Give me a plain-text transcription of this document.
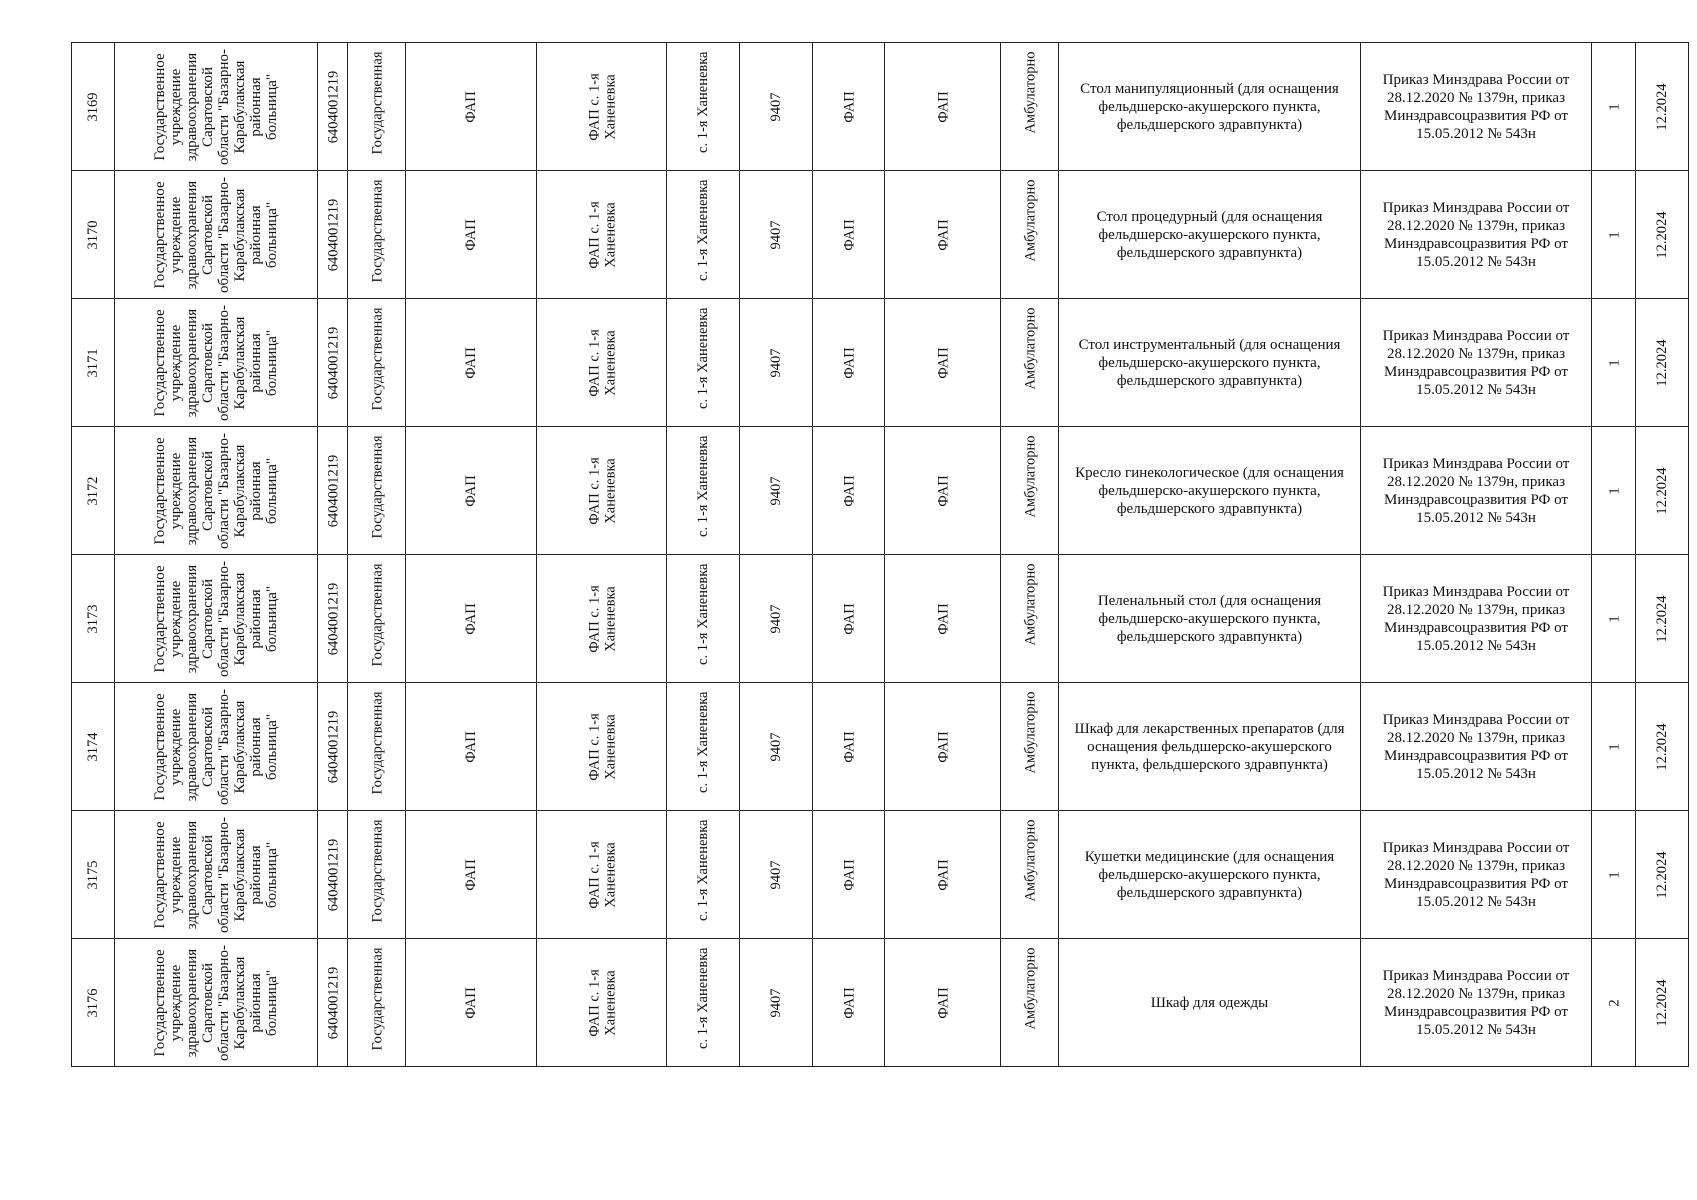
3169	Государственное учреждение здравоохранения Саратовской области "Базарно-Карабулакская районная больница"	6404001219	Государственная	ФАП	ФАП с. 1-я Ханеневка	с. 1-я Ханеневка	9407	ФАП	ФАП	Амбулаторно	Стол манипуляционный (для оснащения фельдшерско-акушерского пункта, фельдшерского здравпункта)	Приказ Минздрава России от 28.12.2020 № 1379н, приказ Минздравсоцразвития РФ от 15.05.2012 № 543н	1	12.2024

3170	Государственное учреждение здравоохранения Саратовской области "Базарно-Карабулакская районная больница"	6404001219	Государственная	ФАП	ФАП с. 1-я Ханеневка	с. 1-я Ханеневка	9407	ФАП	ФАП	Амбулаторно	Стол процедурный (для оснащения фельдшерско-акушерского пункта, фельдшерского здравпункта)	Приказ Минздрава России от 28.12.2020 № 1379н, приказ Минздравсоцразвития РФ от 15.05.2012 № 543н	1	12.2024

3171	Государственное учреждение здравоохранения Саратовской области "Базарно-Карабулакская районная больница"	6404001219	Государственная	ФАП	ФАП с. 1-я Ханеневка	с. 1-я Ханеневка	9407	ФАП	ФАП	Амбулаторно	Стол инструментальный (для оснащения фельдшерско-акушерского пункта, фельдшерского здравпункта)	Приказ Минздрава России от 28.12.2020 № 1379н, приказ Минздравсоцразвития РФ от 15.05.2012 № 543н	1	12.2024

3172	Государственное учреждение здравоохранения Саратовской области "Базарно-Карабулакская районная больница"	6404001219	Государственная	ФАП	ФАП с. 1-я Ханеневка	с. 1-я Ханеневка	9407	ФАП	ФАП	Амбулаторно	Кресло гинекологическое (для оснащения фельдшерско-акушерского пункта, фельдшерского здравпункта)	Приказ Минздрава России от 28.12.2020 № 1379н, приказ Минздравсоцразвития РФ от 15.05.2012 № 543н	1	12.2024

3173	Государственное учреждение здравоохранения Саратовской области "Базарно-Карабулакская районная больница"	6404001219	Государственная	ФАП	ФАП с. 1-я Ханеневка	с. 1-я Ханеневка	9407	ФАП	ФАП	Амбулаторно	Пеленальный стол (для оснащения фельдшерско-акушерского пункта, фельдшерского здравпункта)	Приказ Минздрава России от 28.12.2020 № 1379н, приказ Минздравсоцразвития РФ от 15.05.2012 № 543н	1	12.2024

3174	Государственное учреждение здравоохранения Саратовской области "Базарно-Карабулакская районная больница"	6404001219	Государственная	ФАП	ФАП с. 1-я Ханеневка	с. 1-я Ханеневка	9407	ФАП	ФАП	Амбулаторно	Шкаф для лекарственных препаратов (для оснащения фельдшерско-акушерского пункта, фельдшерского здравпункта)	Приказ Минздрава России от 28.12.2020 № 1379н, приказ Минздравсоцразвития РФ от 15.05.2012 № 543н	1	12.2024

3175	Государственное учреждение здравоохранения Саратовской области "Базарно-Карабулакская районная больница"	6404001219	Государственная	ФАП	ФАП с. 1-я Ханеневка	с. 1-я Ханеневка	9407	ФАП	ФАП	Амбулаторно	Кушетки медицинские (для оснащения фельдшерско-акушерского пункта, фельдшерского здравпункта)	Приказ Минздрава России от 28.12.2020 № 1379н, приказ Минздравсоцразвития РФ от 15.05.2012 № 543н	1	12.2024

3176	Государственное учреждение здравоохранения Саратовской области "Базарно-Карабулакская районная больница"	6404001219	Государственная	ФАП	ФАП с. 1-я Ханеневка	с. 1-я Ханеневка	9407	ФАП	ФАП	Амбулаторно	Шкаф для одежды	Приказ Минздрава России от 28.12.2020 № 1379н, приказ Минздравсоцразвития РФ от 15.05.2012 № 543н	2	12.2024
